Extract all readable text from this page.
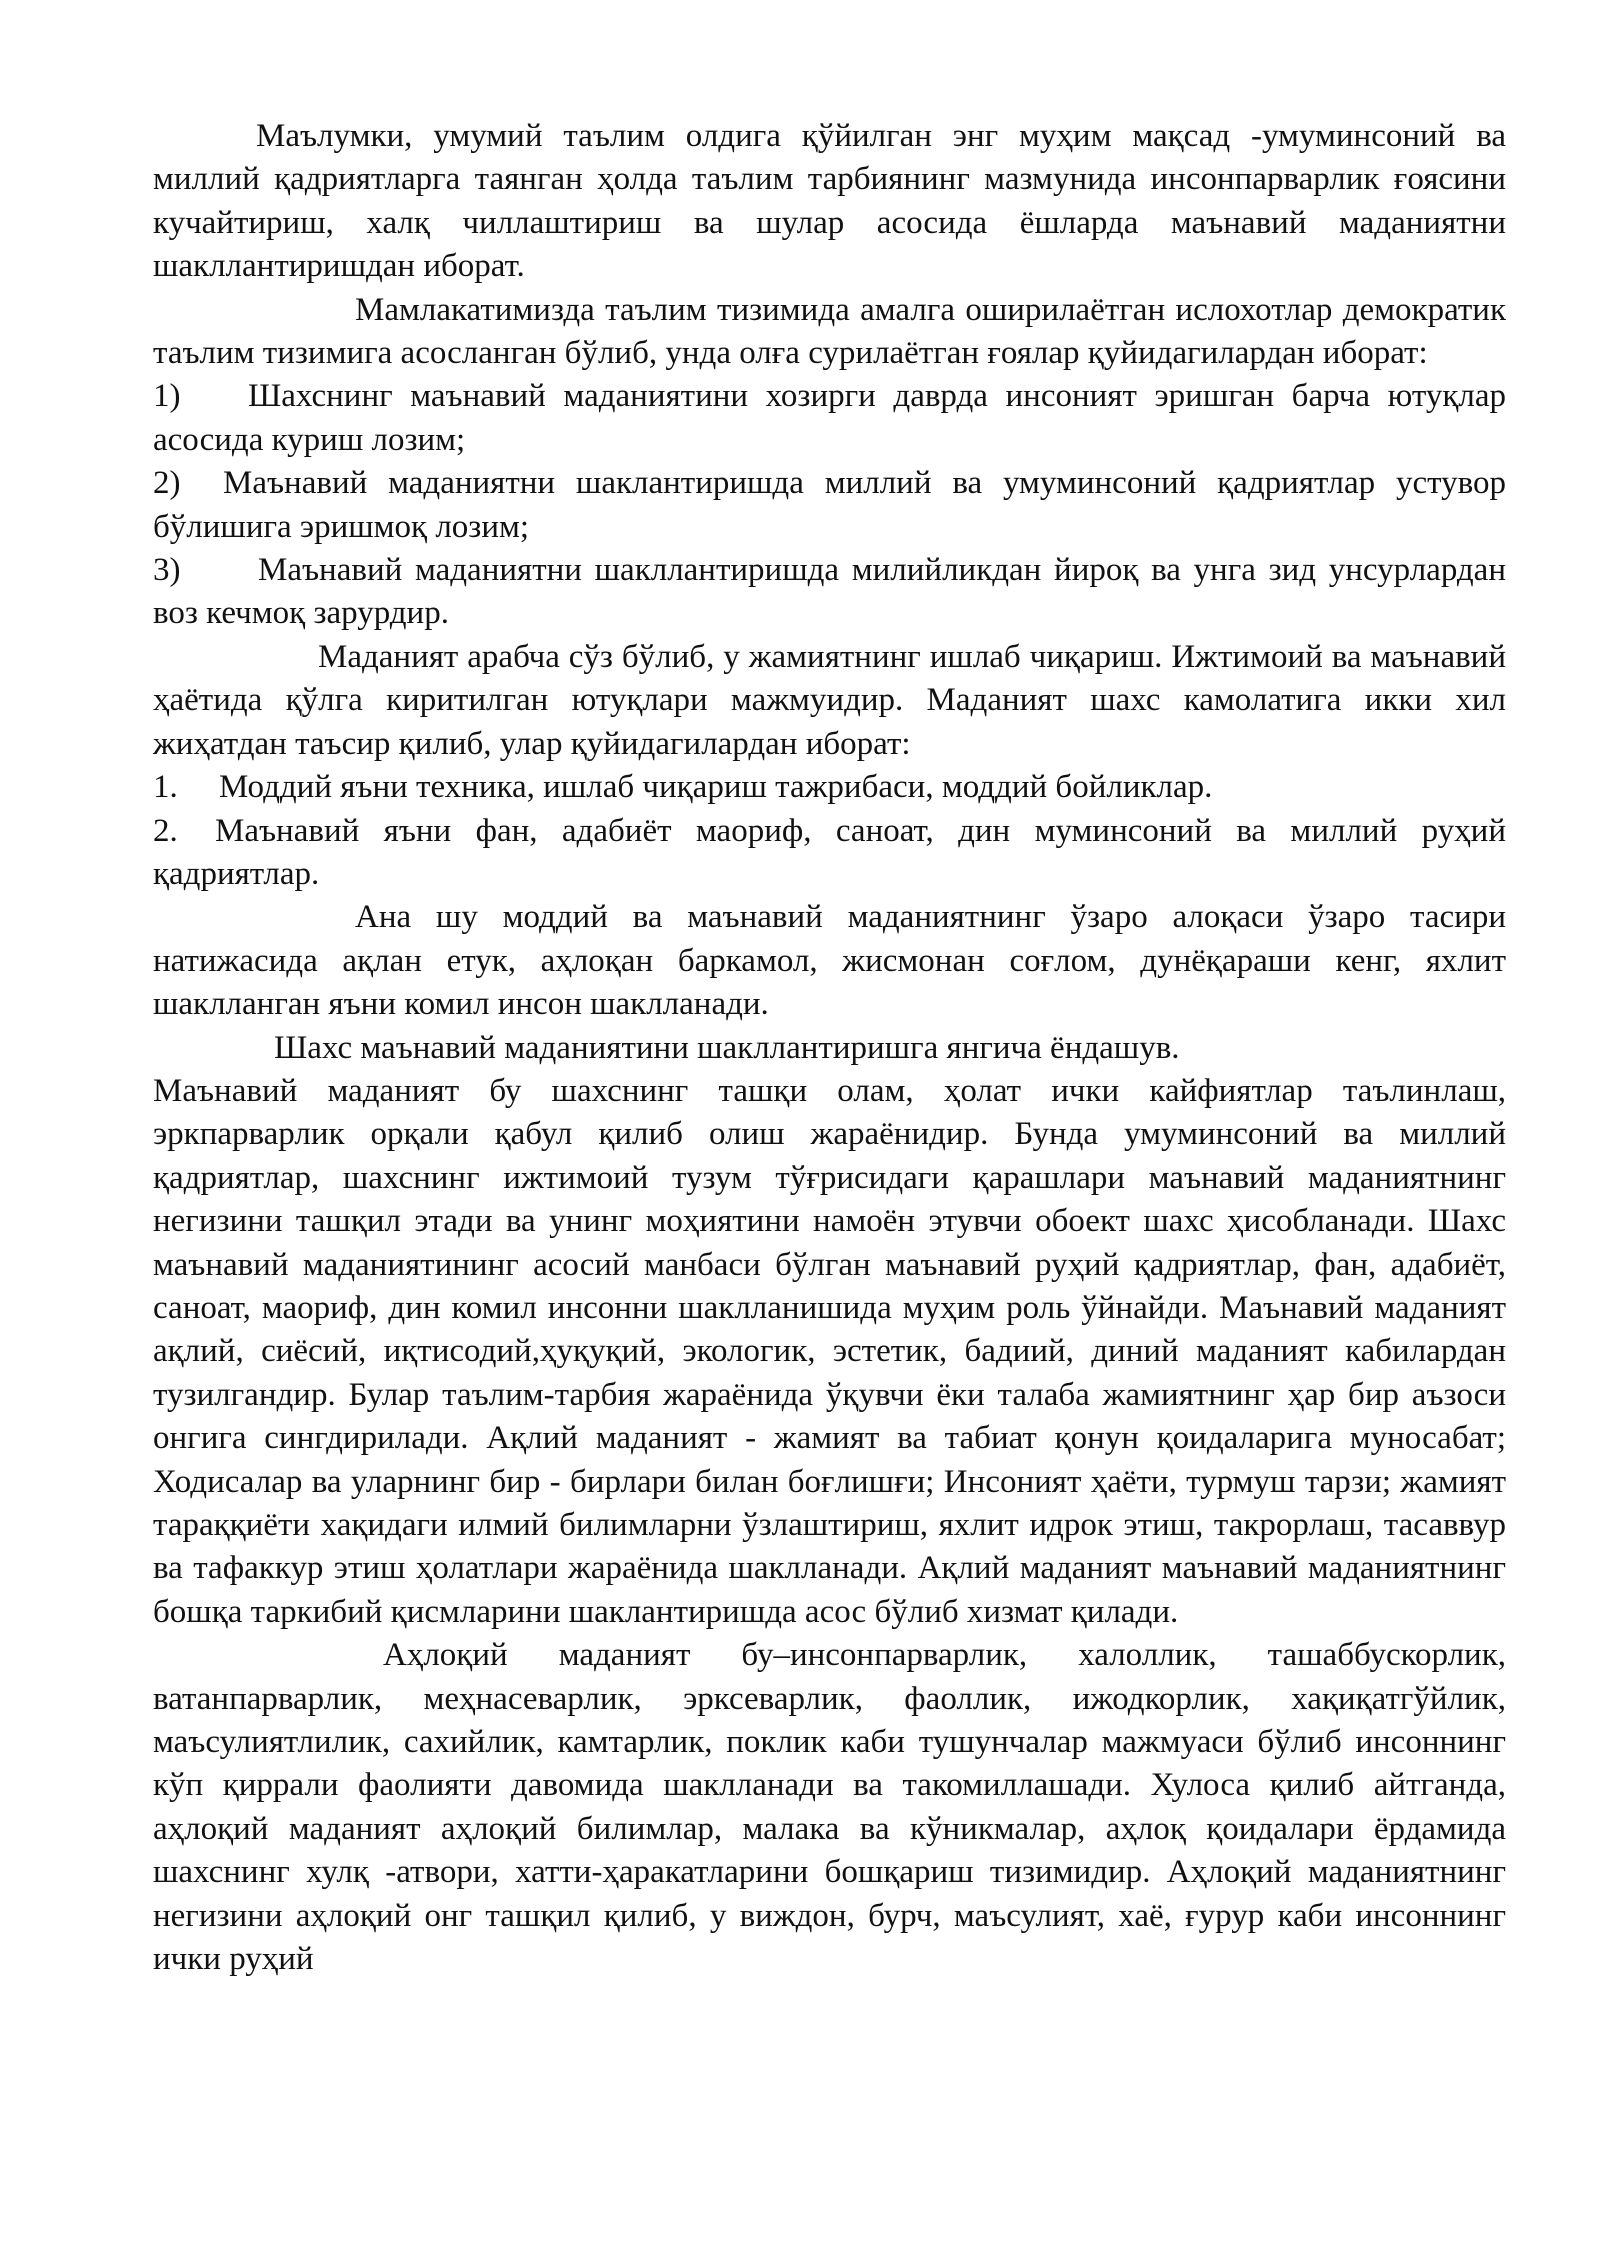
Маълумки, умумий таълим олдига қўйилган энг муҳим мақсад -умуминсоний ва миллий қадриятларга таянган ҳолда таълим тарбиянинг мазмунида инсонпарварлик ғоясини кучайтириш, халқ чиллаштириш ва шулар асосида ёшларда маънавий маданиятни шакллантиришдан иборат.

Мамлакатимизда таълим тизимида амалга оширилаётган ислохотлар демократик таълим тизимига асосланган бўлиб, унда олға сурилаётган ғоялар қуйидагилардан иборат:

1) Шахснинг маънавий маданиятини хозирги даврда инсоният эришган барча ютуқлар асосида куриш лозим;

2) Маънавий маданиятни шаклантиришда миллий ва умуминсоний қадриятлар устувор бўлишига эришмоқ лозим;

3) Маънавий маданиятни шакллантиришда милийликдан йироқ ва унга зид унсурлардан воз кечмоқ зарурдир.

Маданият арабча сўз бўлиб, у жамиятнинг ишлаб чиқариш. Ижтимоий ва маънавий ҳаётида қўлга киритилган ютуқлари мажмуидир. Маданият шахс камолатига икки хил жиҳатдан таъсир қилиб, улар қуйидагилардан иборат:

1. Моддий яъни техника, ишлаб чиқариш тажрибаси, моддий бойликлар.

2. Маънавий яъни фан, адабиёт маориф, саноат, дин муминсоний ва миллий руҳий қадриятлар.

Ана шу моддий ва маънавий маданиятнинг ўзаро алоқаси ўзаро тасири натижасида ақлан етук, аҳлоқан баркамол, жисмонан соғлом, дунёқараши кенг, яхлит шаклланган яъни комил инсон шаклланади.

Шахс маънавий маданиятини шакллантиришга янгича ёндашув.

Маънавий маданият бу шахснинг ташқи олам, ҳолат ички кайфиятлар таълинлаш, эркпарварлик орқали қабул қилиб олиш жараёнидир. Бунда умуминсоний ва миллий қадриятлар, шахснинг ижтимоий тузум тўғрисидаги қарашлари маънавий маданиятнинг негизини ташқил этади ва унинг моҳиятини намоён этувчи обоект шахс ҳисобланади. Шахс маънавий маданиятининг асосий манбаси бўлган маънавий руҳий қадриятлар, фан, адабиёт, саноат, маориф, дин комил инсонни шаклланишида муҳим роль ўйнайди. Маънавий маданият ақлий, сиёсий, иқтисодий,ҳуқуқий, экологик, эстетик, бадиий, диний маданият кабилардан тузилгандир. Булар таълим-тарбия жараёнида ўқувчи ёки талаба жамиятнинг ҳар бир аъзоси онгига сингдирилади. Ақлий маданият - жамият ва табиат қонун қоидаларига муносабат; Ходисалар ва уларнинг бир - бирлари билан боғлишғи; Инсоният ҳаёти, турмуш тарзи; жамият тараққиёти хақидаги илмий билимларни ўзлаштириш, яхлит идрок этиш, такрорлаш, тасаввур ва тафаккур этиш ҳолатлари жараёнида шаклланади. Ақлий маданият маънавий маданиятнинг бошқа таркибий қисмларини шаклантиришда асос бўлиб хизмат қилади.

Аҳлоқий маданият бу–инсонпарварлик, халоллик, ташаббускорлик, ватанпарварлик, меҳнасеварлик, эрксеварлик, фаоллик, ижодкорлик, хақиқатгўйлик, маъсулиятлилик, сахийлик, камтарлик, поклик каби тушунчалар мажмуаси бўлиб инсоннинг кўп қиррали фаолияти давомида шаклланади ва такомиллашади. Хулоса қилиб айтганда, аҳлоқий маданият аҳлоқий билимлар, малака ва кўникмалар, аҳлоқ қоидалари ёрдамида шахснинг хулқ -атвори, хатти-ҳаракатларини бошқариш тизимидир. Аҳлоқий маданиятнинг негизини аҳлоқий онг ташқил қилиб, у виждон, бурч, маъсулият, хаё, ғурур каби инсоннинг ички руҳий
